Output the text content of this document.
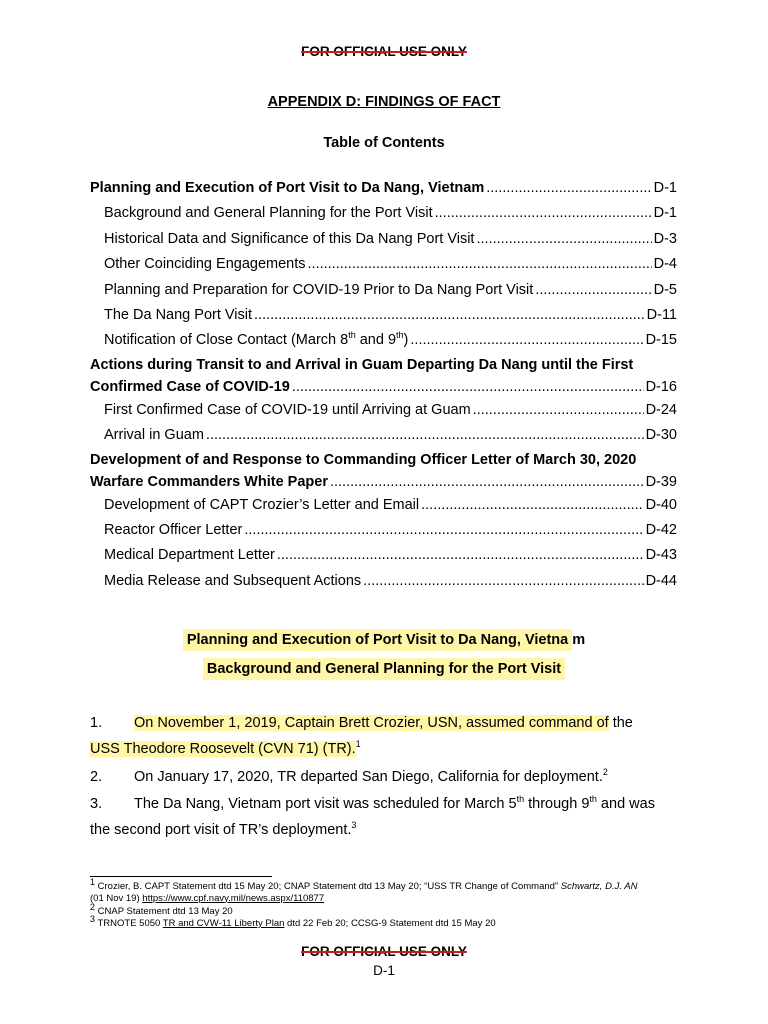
FOR OFFICIAL USE ONLY
APPENDIX D: FINDINGS OF FACT
Table of Contents
Planning and Execution of Port Visit to Da Nang, Vietnam .....	D-1
Background and General Planning for the Port Visit .....	D-1
Historical Data and Significance of this Da Nang Port Visit .....	D-3
Other Coinciding Engagements .....	D-4
Planning and Preparation for COVID-19 Prior to Da Nang Port Visit .....	D-5
The Da Nang Port Visit .....	D-11
Notification of Close Contact (March 8th and 9th) .....	D-15
Actions during Transit to and Arrival in Guam Departing Da Nang until the First
Confirmed Case of COVID-19 .....	D-16
First Confirmed Case of COVID-19 until Arriving at Guam .....	D-24
Arrival in Guam .....	D-30
Development of and Response to Commanding Officer Letter of March 30, 2020
Warfare Commanders White Paper .....	D-39
Development of CAPT Crozier’s Letter and Email .....	D-40
Reactor Officer Letter .....	D-42
Medical Department Letter .....	D-43
Media Release and Subsequent Actions .....	D-44
Planning and Execution of Port Visit to Da Nang, Vietna m
Background and General Planning for the Port Visit
1. On November 1, 2019, Captain Brett Crozier, USN, assumed command of the
USS Theodore Roosevelt (CVN 71) (TR).$^1$
2. On January 17, 2020, TR departed San Diego, California for deployment.$^2$
3. The Da Nang, Vietnam port visit was scheduled for March 5th through 9th and was
the second port visit of TR’s deployment.$^3$
$^1$ Crozier, B. CAPT Statement dtd 15 May 20; CNAP Statement dtd 13 May 20; “USS TR Change of Command” Schwartz, D.J. AN
(01 Nov 19) https://www.cpf.navy.mil/news.aspx/110877
$^2$ CNAP Statement dtd 13 May 20
$^3$ TRNOTE 5050 TR and CVW-11 Liberty Plan dtd 22 Feb 20; CCSG-9 Statement dtd 15 May 20
FOR OFFICIAL USE ONLY
D-1
